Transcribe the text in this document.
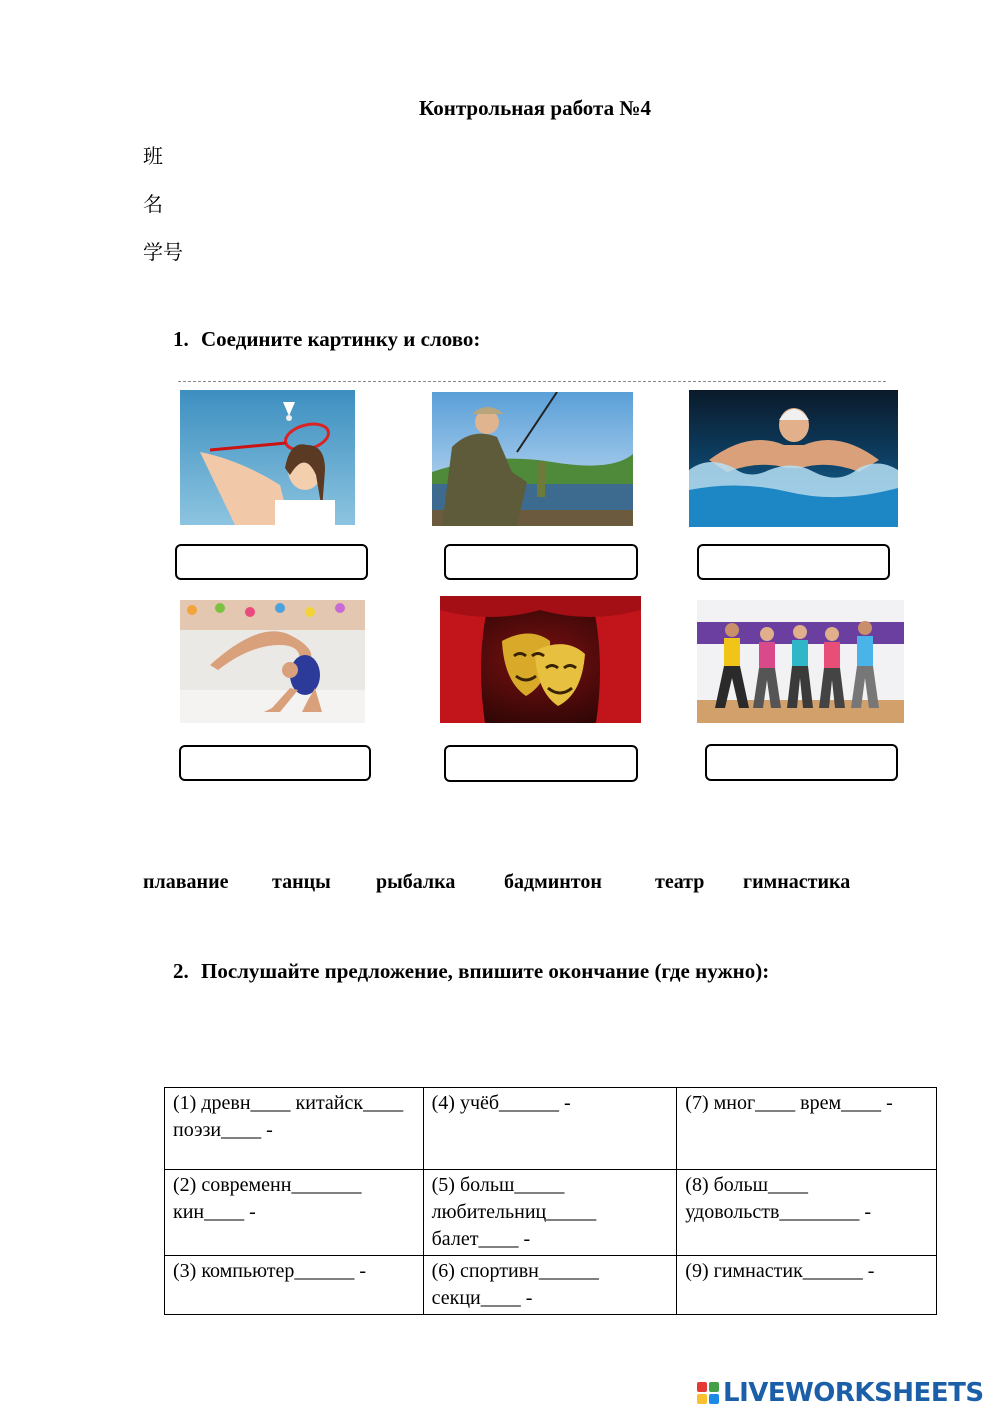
Контрольная работа №4
班
名
学号
1. Соедините картинку и слово:
плавание танцы рыбалка бадминтон	театр гимнастика
2. Послушайте предложение, впишите окончание (где нужно):
(1) древн____ китайск____ поэзи____ -	(4) учёб______ -	(7) мног____ врем____ -
(2) современн_______ кин____ -	(5) больш_____ любительниц_____ балет____ -	(8) больш____ удовольств________ -
(3) компьютер______ -	(6) спортивн______ секци____ -	(9) гимнастик______ -
LIVEWORKSHEETS
